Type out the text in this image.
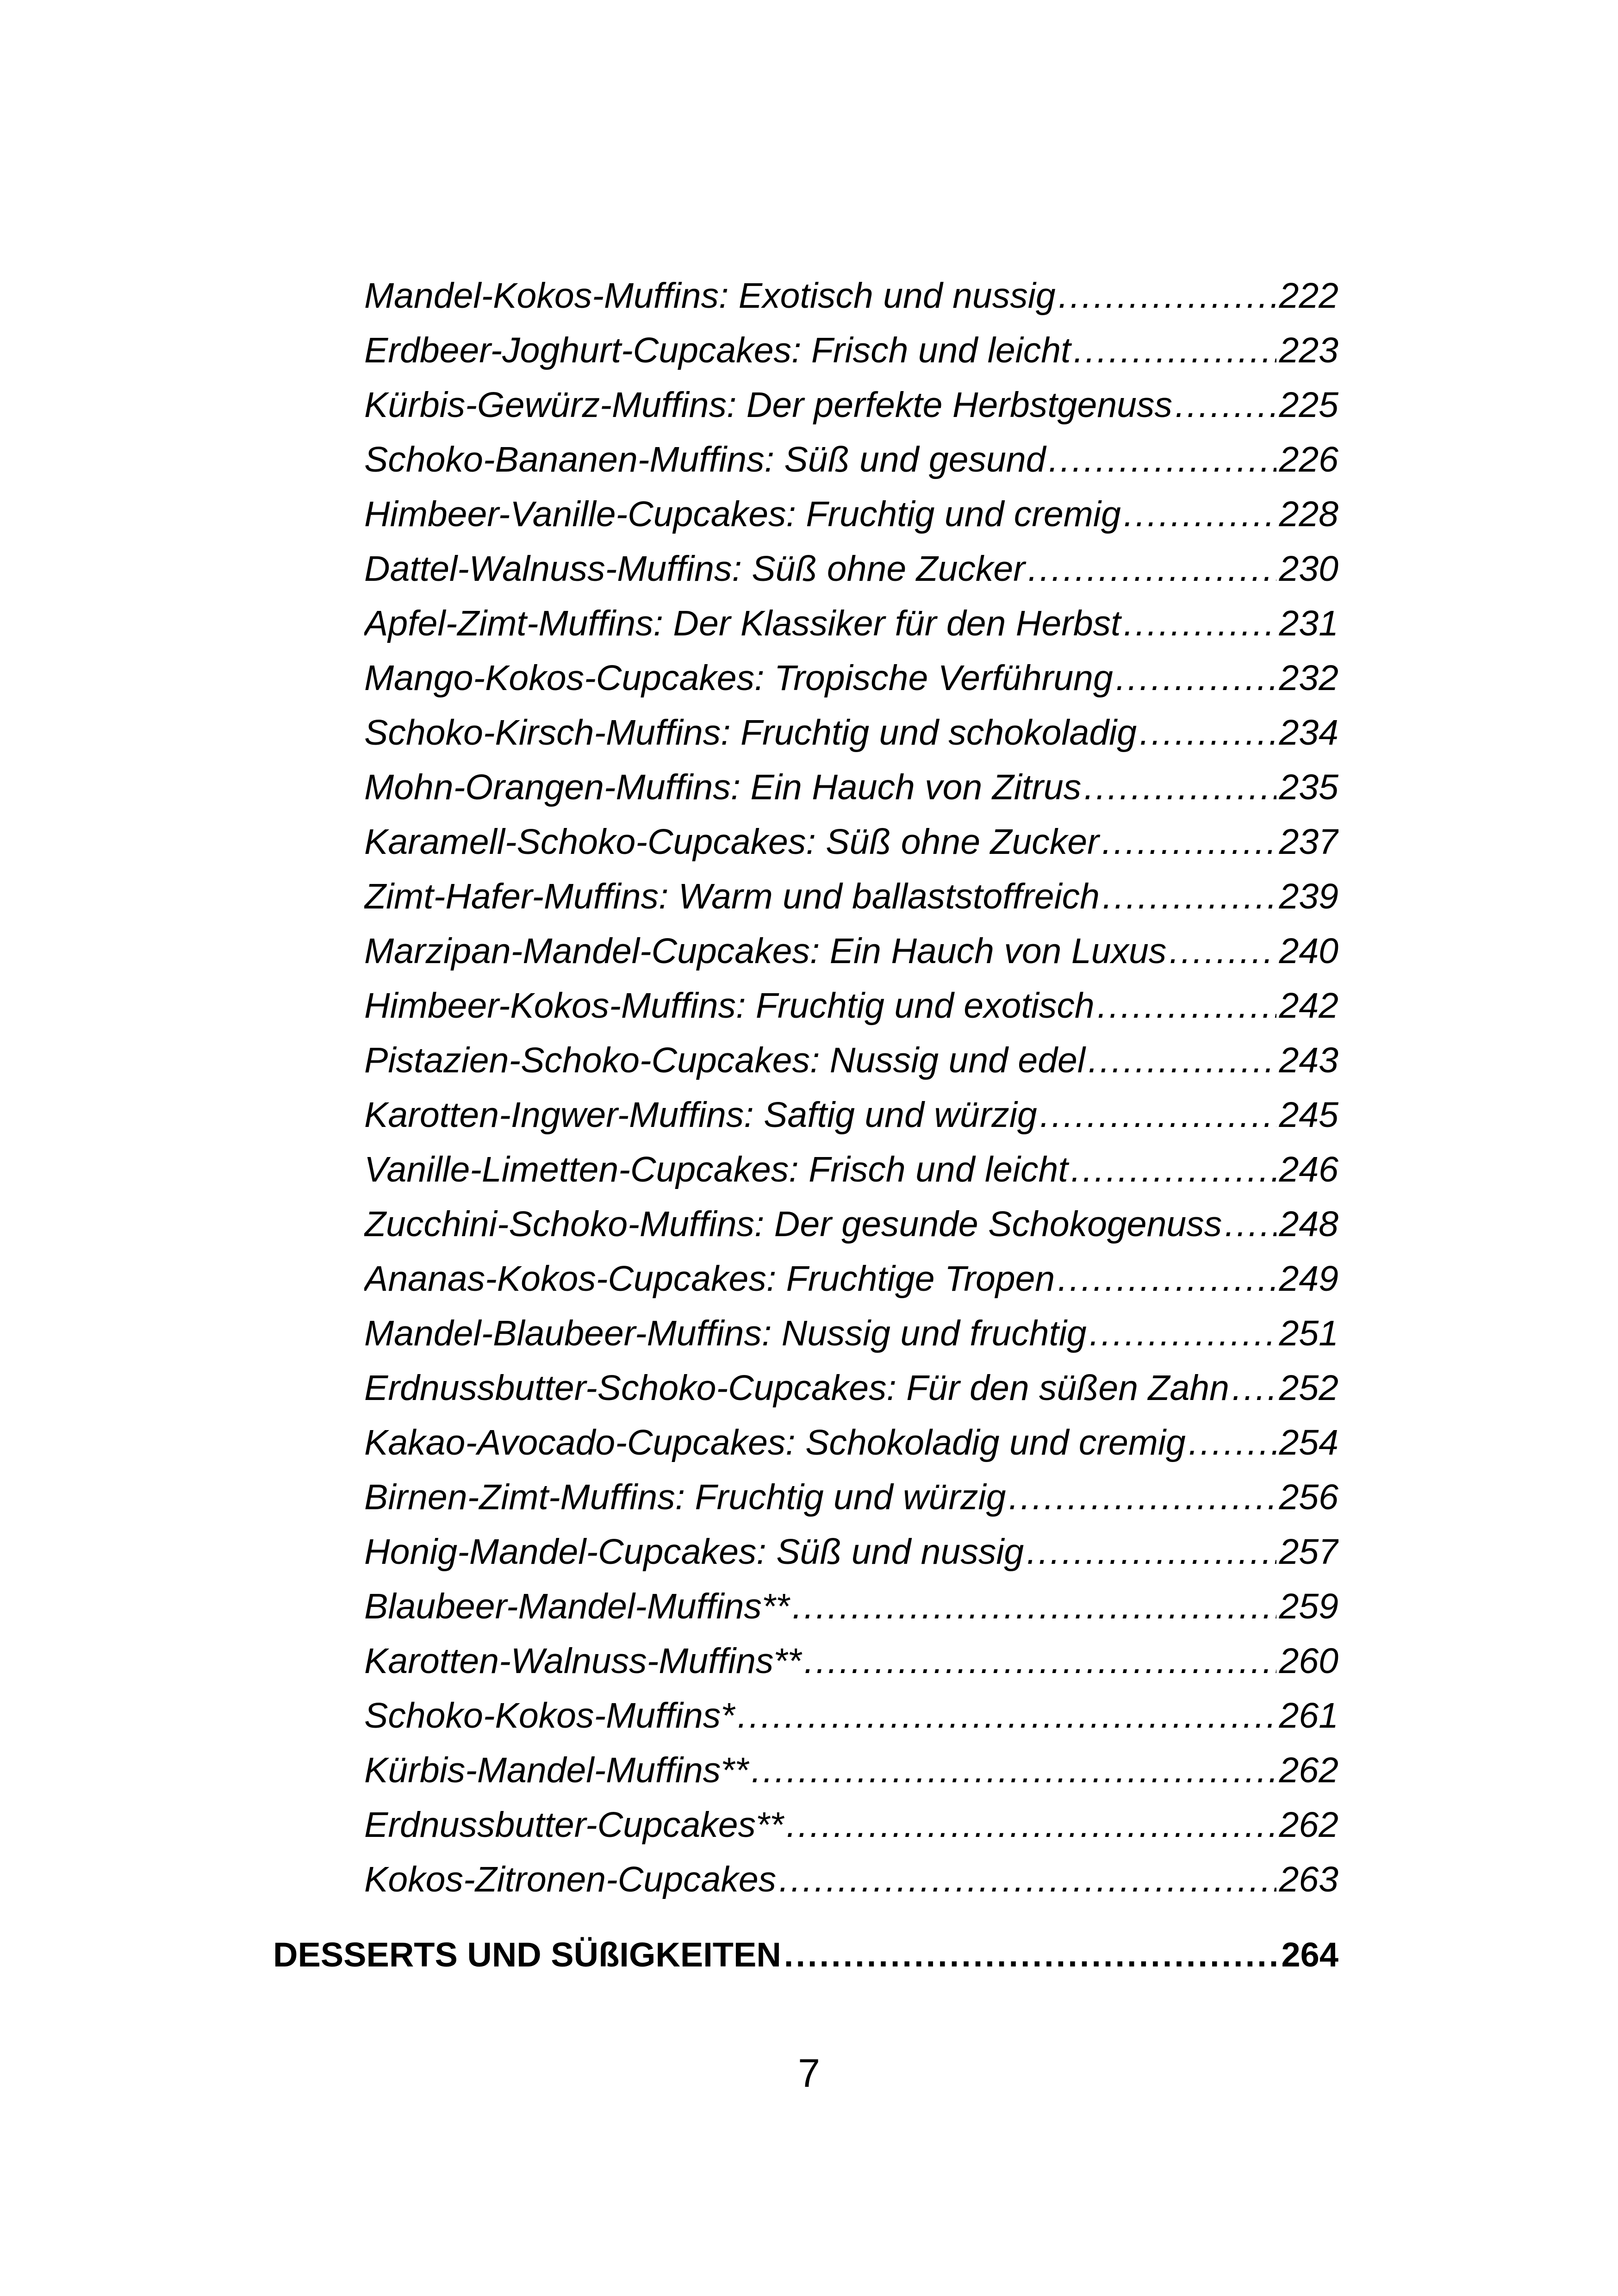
Mandel-Kokos-Muffins: Exotisch und nussig .....	222
Erdbeer-Joghurt-Cupcakes: Frisch und leicht .....	223
Kürbis-Gewürz-Muffins: Der perfekte Herbstgenuss .....	225
Schoko-Bananen-Muffins: Süß und gesund .....	226
Himbeer-Vanille-Cupcakes: Fruchtig und cremig .....	228
Dattel-Walnuss-Muffins: Süß ohne Zucker .....	230
Apfel-Zimt-Muffins: Der Klassiker für den Herbst .....	231
Mango-Kokos-Cupcakes: Tropische Verführung .....	232
Schoko-Kirsch-Muffins: Fruchtig und schokoladig .....	234
Mohn-Orangen-Muffins: Ein Hauch von Zitrus .....	235
Karamell-Schoko-Cupcakes: Süß ohne Zucker .....	237
Zimt-Hafer-Muffins: Warm und ballaststoffreich .....	239
Marzipan-Mandel-Cupcakes: Ein Hauch von Luxus .....	240
Himbeer-Kokos-Muffins: Fruchtig und exotisch .....	242
Pistazien-Schoko-Cupcakes: Nussig und edel .....	243
Karotten-Ingwer-Muffins: Saftig und würzig .....	245
Vanille-Limetten-Cupcakes: Frisch und leicht .....	246
Zucchini-Schoko-Muffins: Der gesunde Schokogenuss ..... 248
Ananas-Kokos-Cupcakes: Fruchtige Tropen .....	249
Mandel-Blaubeer-Muffins: Nussig und fruchtig .....	251
Erdnussbutter-Schoko-Cupcakes: Für den süßen Zahn ..... 252
Kakao-Avocado-Cupcakes: Schokoladig und cremig .....	254
Birnen-Zimt-Muffins: Fruchtig und würzig .....	256
Honig-Mandel-Cupcakes: Süß und nussig .....	257
Blaubeer-Mandel-Muffins** .....	259
Karotten-Walnuss-Muffins** .....	260
Schoko-Kokos-Muffins* .....	261
Kürbis-Mandel-Muffins** .....	262
Erdnussbutter-Cupcakes** .....	262
Kokos-Zitronen-Cupcakes .....	263
DESSERTS UND SÜßIGKEITEN .....	264
7
